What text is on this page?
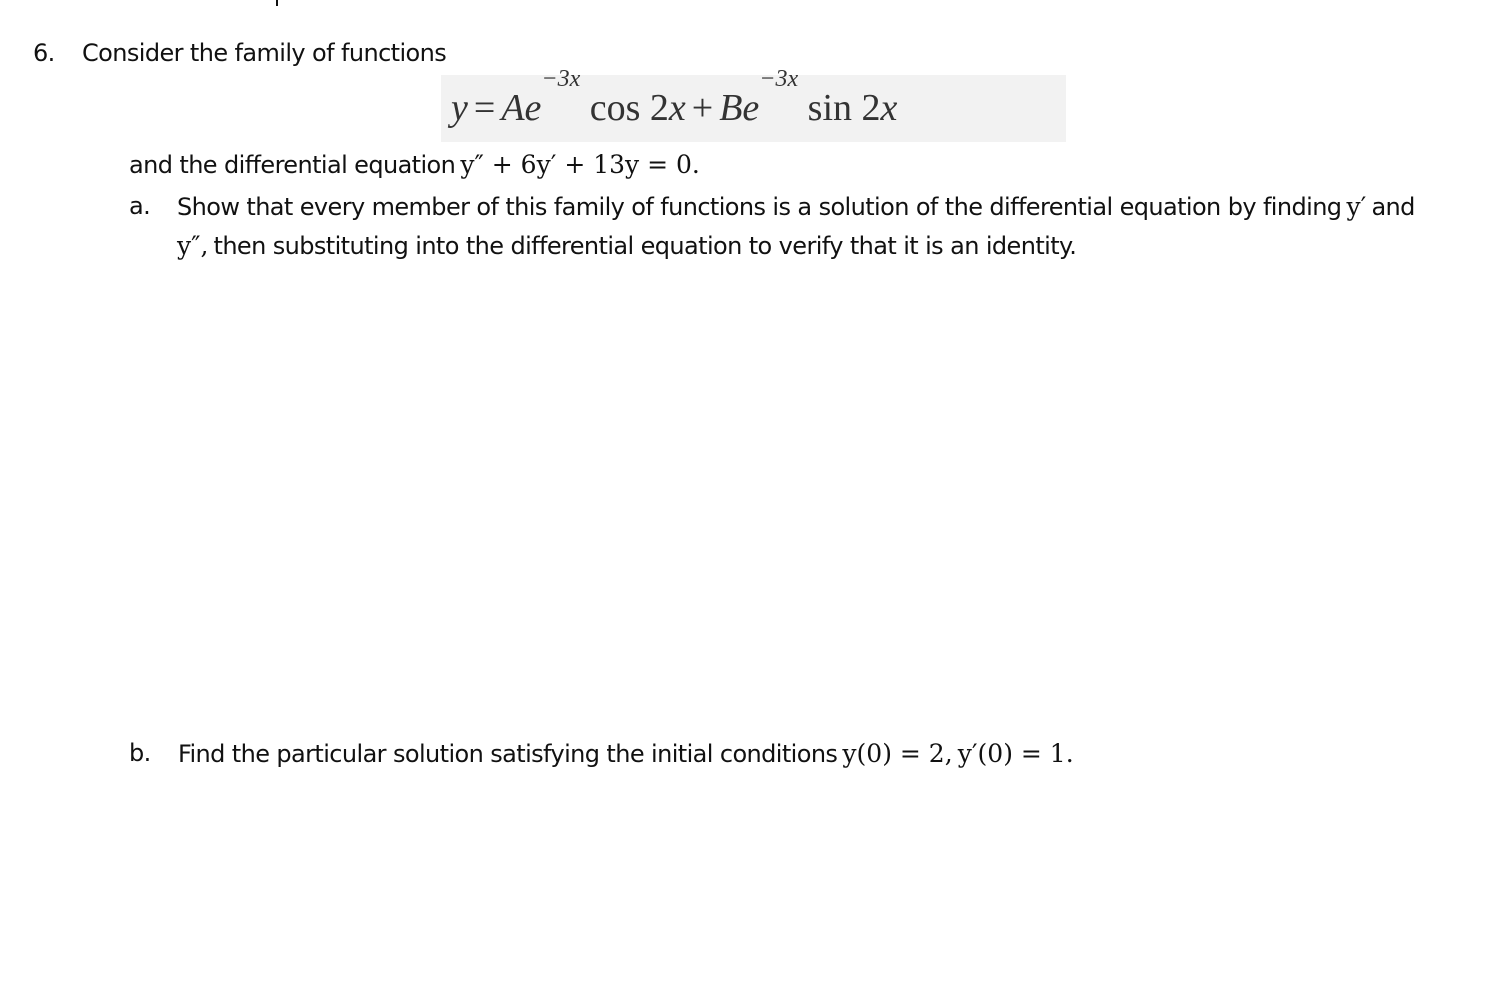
6. Consider the family of functions
$y = Ae^{-3x}$ $\cos 2x + Be^{-3x}$ sin 2x
and the differential equation y″ + 6y′ + 13y = 0.
a. Show that every member of this family of functions is a solution of the differential equation by finding y′ and
y″, then substituting into the differential equation to verify that it is an identity.
b. Find the particular solution satisfying the initial conditions y(0) = 2, y′(0) = 1.
